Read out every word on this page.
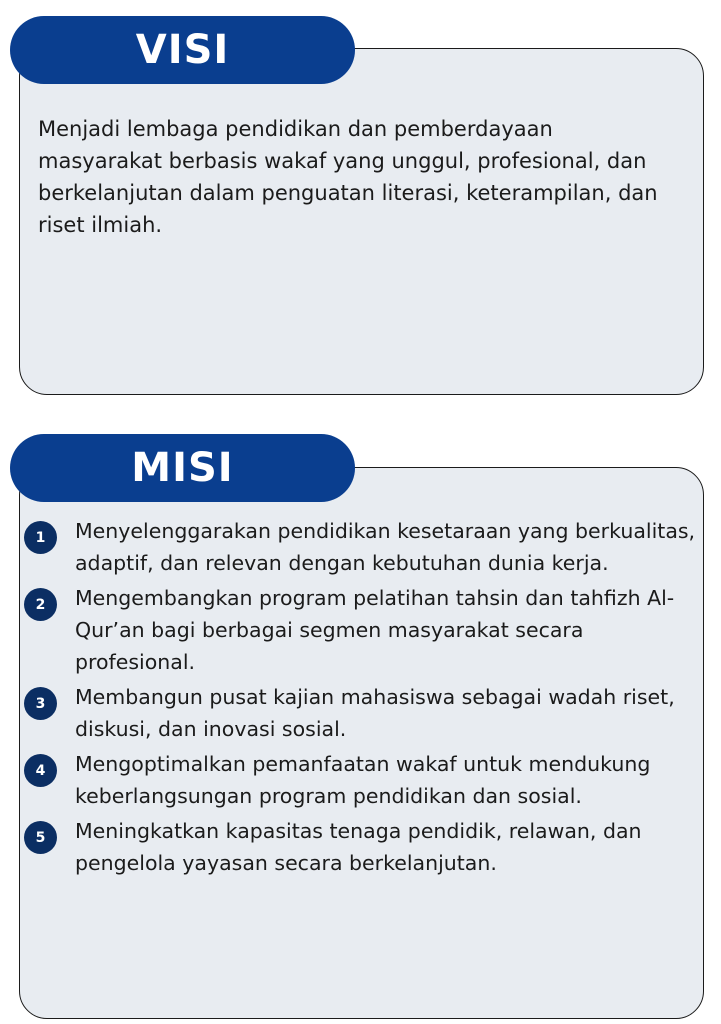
VISI

Menjadi lembaga pendidikan dan pemberdayaan masyarakat berbasis wakaf yang unggul, profesional, dan berkelanjutan dalam penguatan literasi, keterampilan, dan riset ilmiah.

MISI
1	Menyelenggarakan pendidikan kesetaraan yang berkualitas, adaptif, dan relevan dengan kebutuhan dunia kerja.
2	Mengembangkan program pelatihan tahsin dan tahfizh Al-Qur’an bagi berbagai segmen masyarakat secara profesional.
3	Membangun pusat kajian mahasiswa sebagai wadah riset, diskusi, dan inovasi sosial.
4	Mengoptimalkan pemanfaatan wakaf untuk mendukung keberlangsungan program pendidikan dan sosial.
5	Meningkatkan kapasitas tenaga pendidik, relawan, dan pengelola yayasan secara berkelanjutan.
